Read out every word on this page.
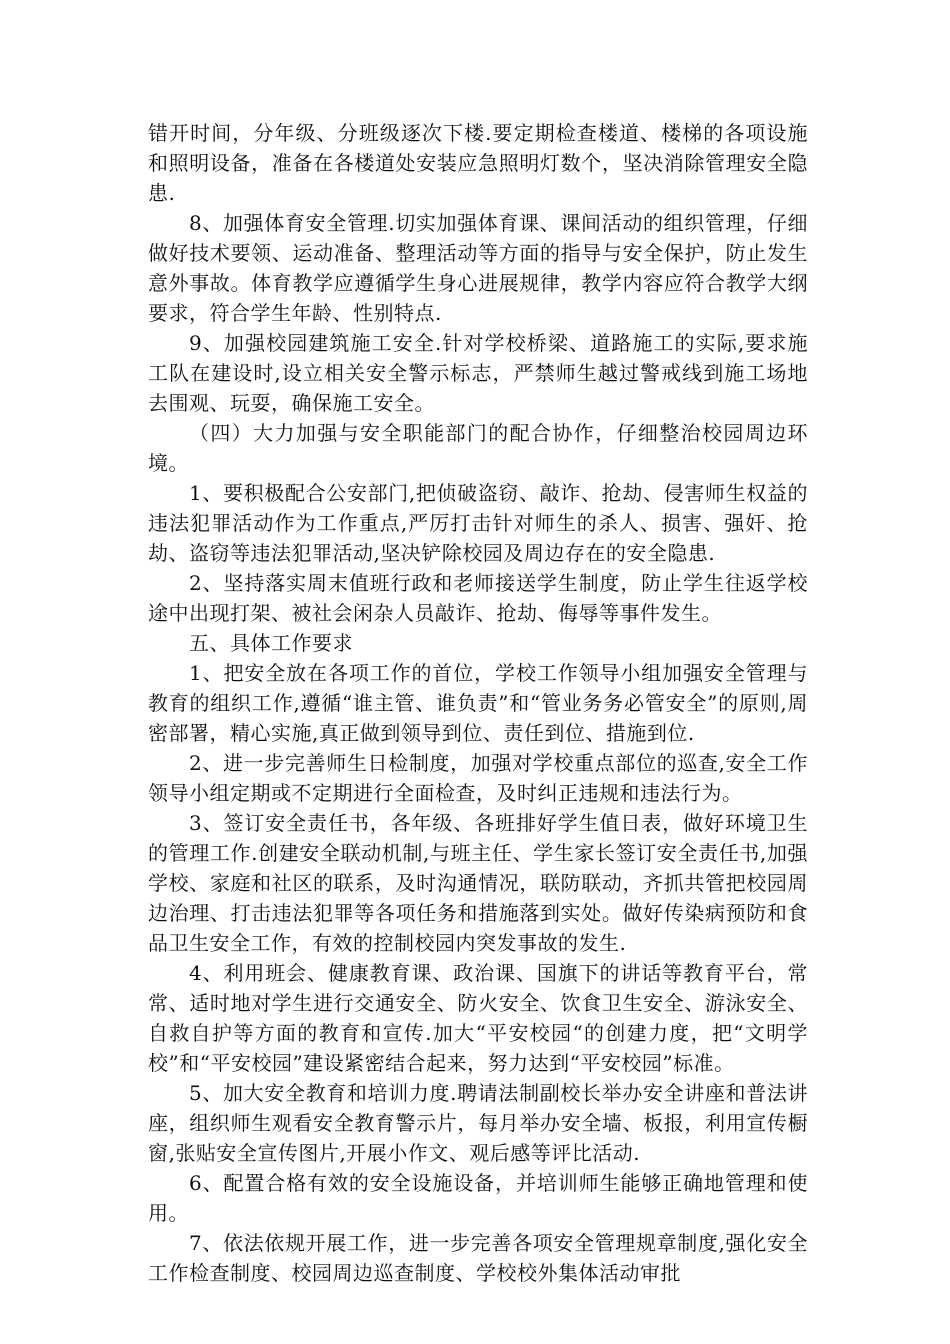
错开时间，分年级、分班级逐次下楼.要定期检查楼道、楼梯的各项设施和照明设备，准备在各楼道处安装应急照明灯数个，坚决消除管理安全隐患.

8、加强体育安全管理.切实加强体育课、课间活动的组织管理，仔细做好技术要领、运动准备、整理活动等方面的指导与安全保护，防止发生意外事故。体育教学应遵循学生身心进展规律，教学内容应符合教学大纲要求，符合学生年龄、性别特点.

9、加强校园建筑施工安全.针对学校桥梁、道路施工的实际,要求施工队在建设时,设立相关安全警示标志，严禁师生越过警戒线到施工场地去围观、玩耍，确保施工安全。

（四）大力加强与安全职能部门的配合协作，仔细整治校园周边环境。

1、要积极配合公安部门,把侦破盗窃、敲诈、抢劫、侵害师生权益的违法犯罪活动作为工作重点,严厉打击针对师生的杀人、损害、强奸、抢劫、盗窃等违法犯罪活动,坚决铲除校园及周边存在的安全隐患.

2、坚持落实周末值班行政和老师接送学生制度，防止学生往返学校途中出现打架、被社会闲杂人员敲诈、抢劫、侮辱等事件发生。

五、具体工作要求

1、把安全放在各项工作的首位，学校工作领导小组加强安全管理与教育的组织工作,遵循“谁主管、谁负责”和“管业务务必管安全”的原则,周密部署，精心实施,真正做到领导到位、责任到位、措施到位.

2、进一步完善师生日检制度，加强对学校重点部位的巡查,安全工作领导小组定期或不定期进行全面检查，及时纠正违规和违法行为。

3、签订安全责任书，各年级、各班排好学生值日表，做好环境卫生的管理工作.创建安全联动机制,与班主任、学生家长签订安全责任书,加强学校、家庭和社区的联系，及时沟通情况，联防联动，齐抓共管把校园周边治理、打击违法犯罪等各项任务和措施落到实处。做好传染病预防和食品卫生安全工作，有效的控制校园内突发事故的发生.

4、利用班会、健康教育课、政治课、国旗下的讲话等教育平台，常常、适时地对学生进行交通安全、防火安全、饮食卫生安全、游泳安全、自救自护等方面的教育和宣传.加大“平安校园“的创建力度，把“文明学校”和“平安校园”建设紧密结合起来，努力达到“平安校园”标准。

5、加大安全教育和培训力度.聘请法制副校长举办安全讲座和普法讲座，组织师生观看安全教育警示片，每月举办安全墙、板报，利用宣传橱窗,张贴安全宣传图片,开展小作文、观后感等评比活动.

6、配置合格有效的安全设施设备，并培训师生能够正确地管理和使用。

7、依法依规开展工作，进一步完善各项安全管理规章制度,强化安全工作检查制度、校园周边巡查制度、学校校外集体活动审批
